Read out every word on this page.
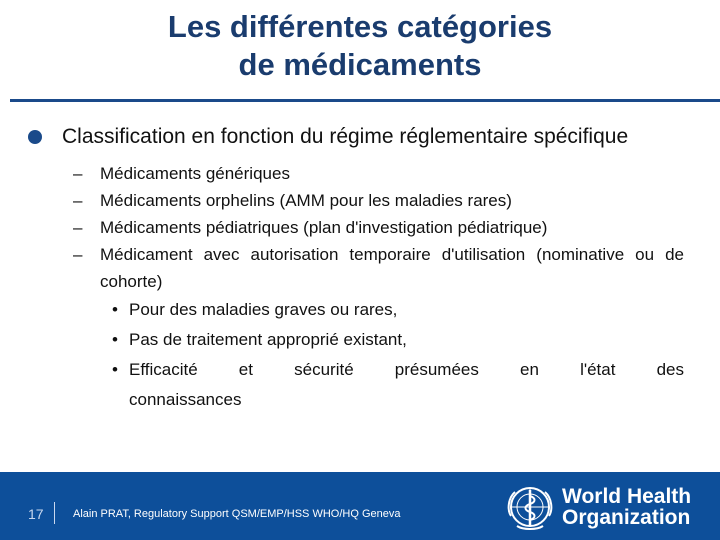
Les différentes catégories
de médicaments
Classification en fonction du régime réglementaire spécifique
– Médicaments génériques
– Médicaments orphelins (AMM pour les maladies rares)
– Médicaments pédiatriques (plan d'investigation pédiatrique)
– Médicament avec autorisation temporaire d'utilisation (nominative ou de cohorte)
• Pour des maladies graves ou rares,
• Pas de traitement approprié existant,
• Efficacité et sécurité présumées en l'état des
connaissances
17	Alain PRAT, Regulatory Support QSM/EMP/HSS WHO/HQ Geneva
World Health
Organization
